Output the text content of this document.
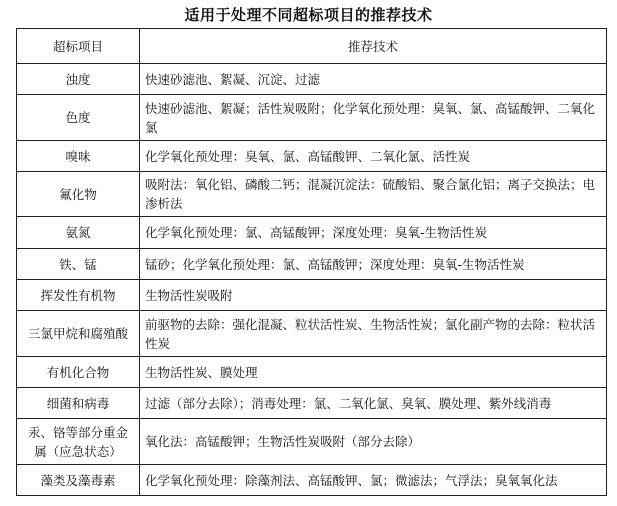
适用于处理不同超标项目的推荐技术
超标项目	推荐技术
浊度	快速砂滤池、絮凝、沉淀、过滤
色度	快速砂滤池、絮凝；活性炭吸附；化学氧化预处理：臭氧、氯、高锰酸钾、二氧化氯
嗅味	化学氧化预处理：臭氧、氯、高锰酸钾、二氧化氯、活性炭
氟化物	吸附法：氧化铝、磷酸二钙；混凝沉淀法：硫酸铝、聚合氯化铝；离子交换法；电渗析法
氨氮	化学氧化预处理：氯、高锰酸钾；深度处理：臭氧-生物活性炭
铁、锰	锰砂；化学氧化预处理：氯、高锰酸钾；深度处理：臭氧-生物活性炭
挥发性有机物	生物活性炭吸附
三氯甲烷和腐殖酸	前驱物的去除：强化混凝、粒状活性炭、生物活性炭；氯化副产物的去除：粒状活性炭
有机化合物	生物活性炭、膜处理
细菌和病毒	过滤（部分去除）；消毒处理：氯、二氧化氯、臭氧、膜处理、紫外线消毒
汞、铬等部分重金属（应急状态）	氧化法：高锰酸钾；生物活性炭吸附（部分去除）
藻类及藻毒素	化学氧化预处理：除藻剂法、高锰酸钾、氯；微滤法；气浮法；臭氧氧化法
